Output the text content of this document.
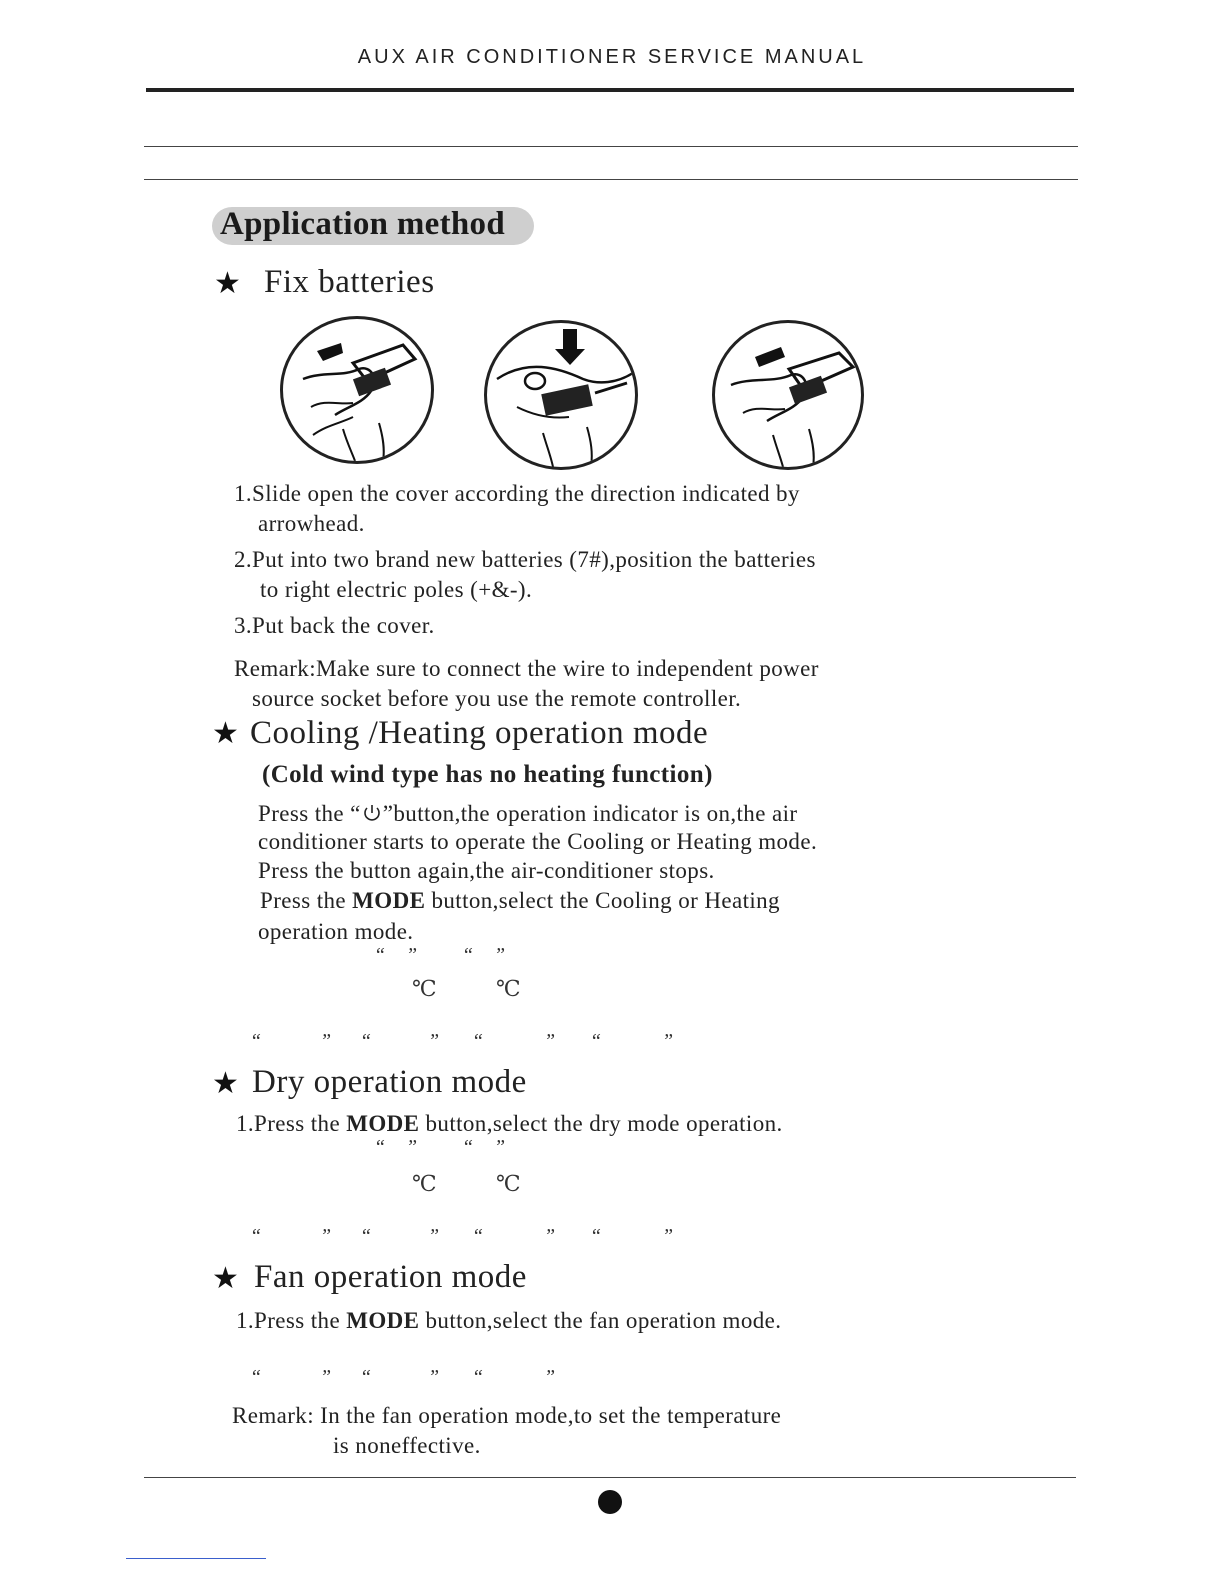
AUX AIR CONDITIONER SERVICE MANUAL
Application method
★ Fix batteries
1.Slide open the cover according the direction indicated by
arrowhead.
2.Put into two brand new batteries (7#),position the batteries
to right electric poles (+&-).
3.Put back the cover.
Remark:Make sure to connect the wire to independent power
source socket before you use the remote controller.
★ Cooling /Heating operation mode
(Cold wind type has no heating function)
Press the “ ”button,the operation indicator is on,the air
conditioner starts to operate the Cooling or Heating mode.
Press the button again,the air-conditioner stops.
Press the MODE button,select the Cooling or Heating
operation mode.
“ ” “ ”
℃	℃
“	” “	” “	” “	”
★ Dry operation mode
1.Press the MODE button,select the dry mode operation.
“ ” “ ”
℃	℃
“	” “	” “	” “	”
★ Fan operation mode
1.Press the MODE button,select the fan operation mode.
“	” “	” “	”
Remark: In the fan operation mode,to set the temperature
is noneffective.
